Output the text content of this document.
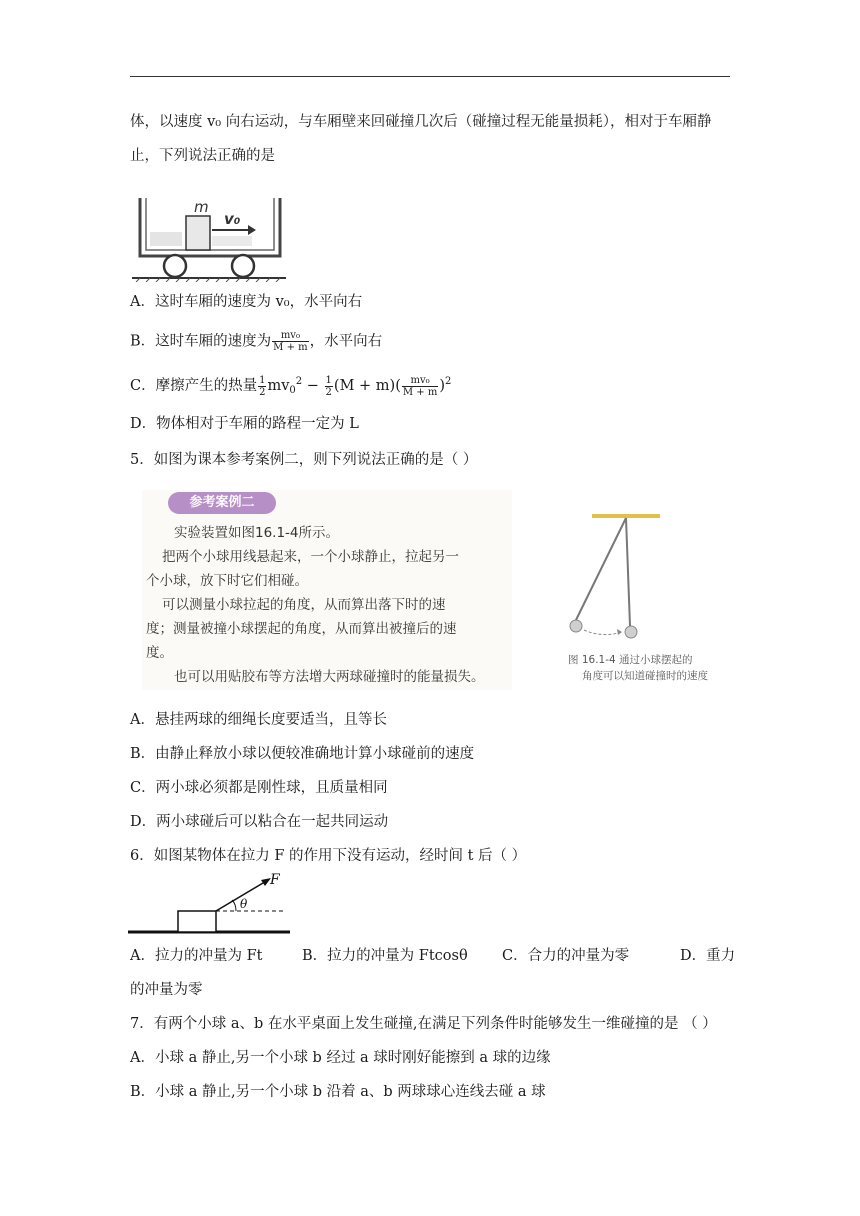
体，以速度 v₀ 向右运动，与车厢壁来回碰撞几次后（碰撞过程无能量损耗），相对于车厢静
止，下列说法正确的是
m
v₀
A．这时车厢的速度为 v₀，水平向右
B．这时车厢的速度为 $\frac{\text{mv₀}}{M + m}$ ，水平向右
C．摩擦产生的热量 $\frac{1}{2} mv_0^2 - \frac{1}{2} (M + m)( \frac{\text{mv₀}}{M + m} )^2$
D．物体相对于车厢的路程一定为 L
5．如图为课本参考案例二，则下列说法正确的是（ ）
参考案例二
实验装置如图16.1-4所示。
把两个小球用线悬起来，一个小球静止，拉起另一
个小球，放下时它们相碰。
可以测量小球拉起的角度，从而算出落下时的速
度；测量被撞小球摆起的角度，从而算出被撞后的速
度。
也可以用贴胶布等方法增大两球碰撞时的能量损失。
图 16.1-4 通过小球摆起的
角度可以知道碰撞时的速度
A．悬挂两球的细绳长度要适当，且等长
B．由静止释放小球以便较准确地计算小球碰前的速度
C．两小球必须都是刚性球，且质量相同
D．两小球碰后可以粘合在一起共同运动
6．如图某物体在拉力 F 的作用下没有运动，经时间 t 后（ ）
F
θ
A．拉力的冲量为 Ft	B．拉力的冲量为 Ftcosθ C．合力的冲量为零	D．重力
的冲量为零
7．有两个小球 a、b 在水平桌面上发生碰撞,在满足下列条件时能够发生一维碰撞的是 （ ）
A．小球 a 静止,另一个小球 b 经过 a 球时刚好能擦到 a 球的边缘
B．小球 a 静止,另一个小球 b 沿着 a、b 两球球心连线去碰 a 球
